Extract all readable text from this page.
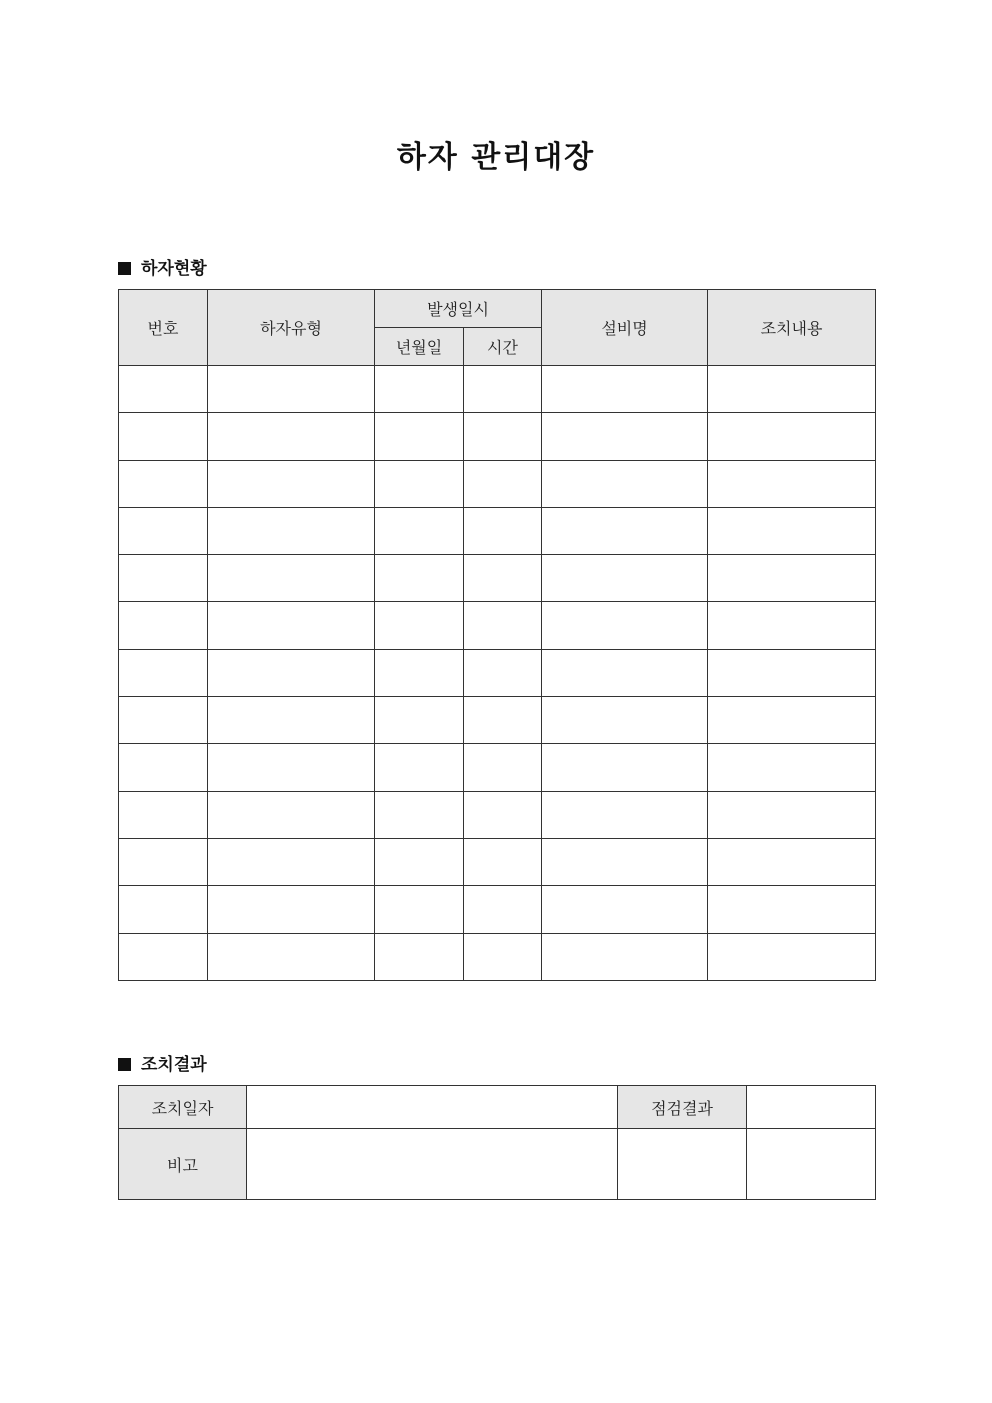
하자 관리대장
하자현황
번호	하자유형	발생일시		설비명	조치내용
		년월일	시간		

조치결과
조치일자		점검결과	
비고			
